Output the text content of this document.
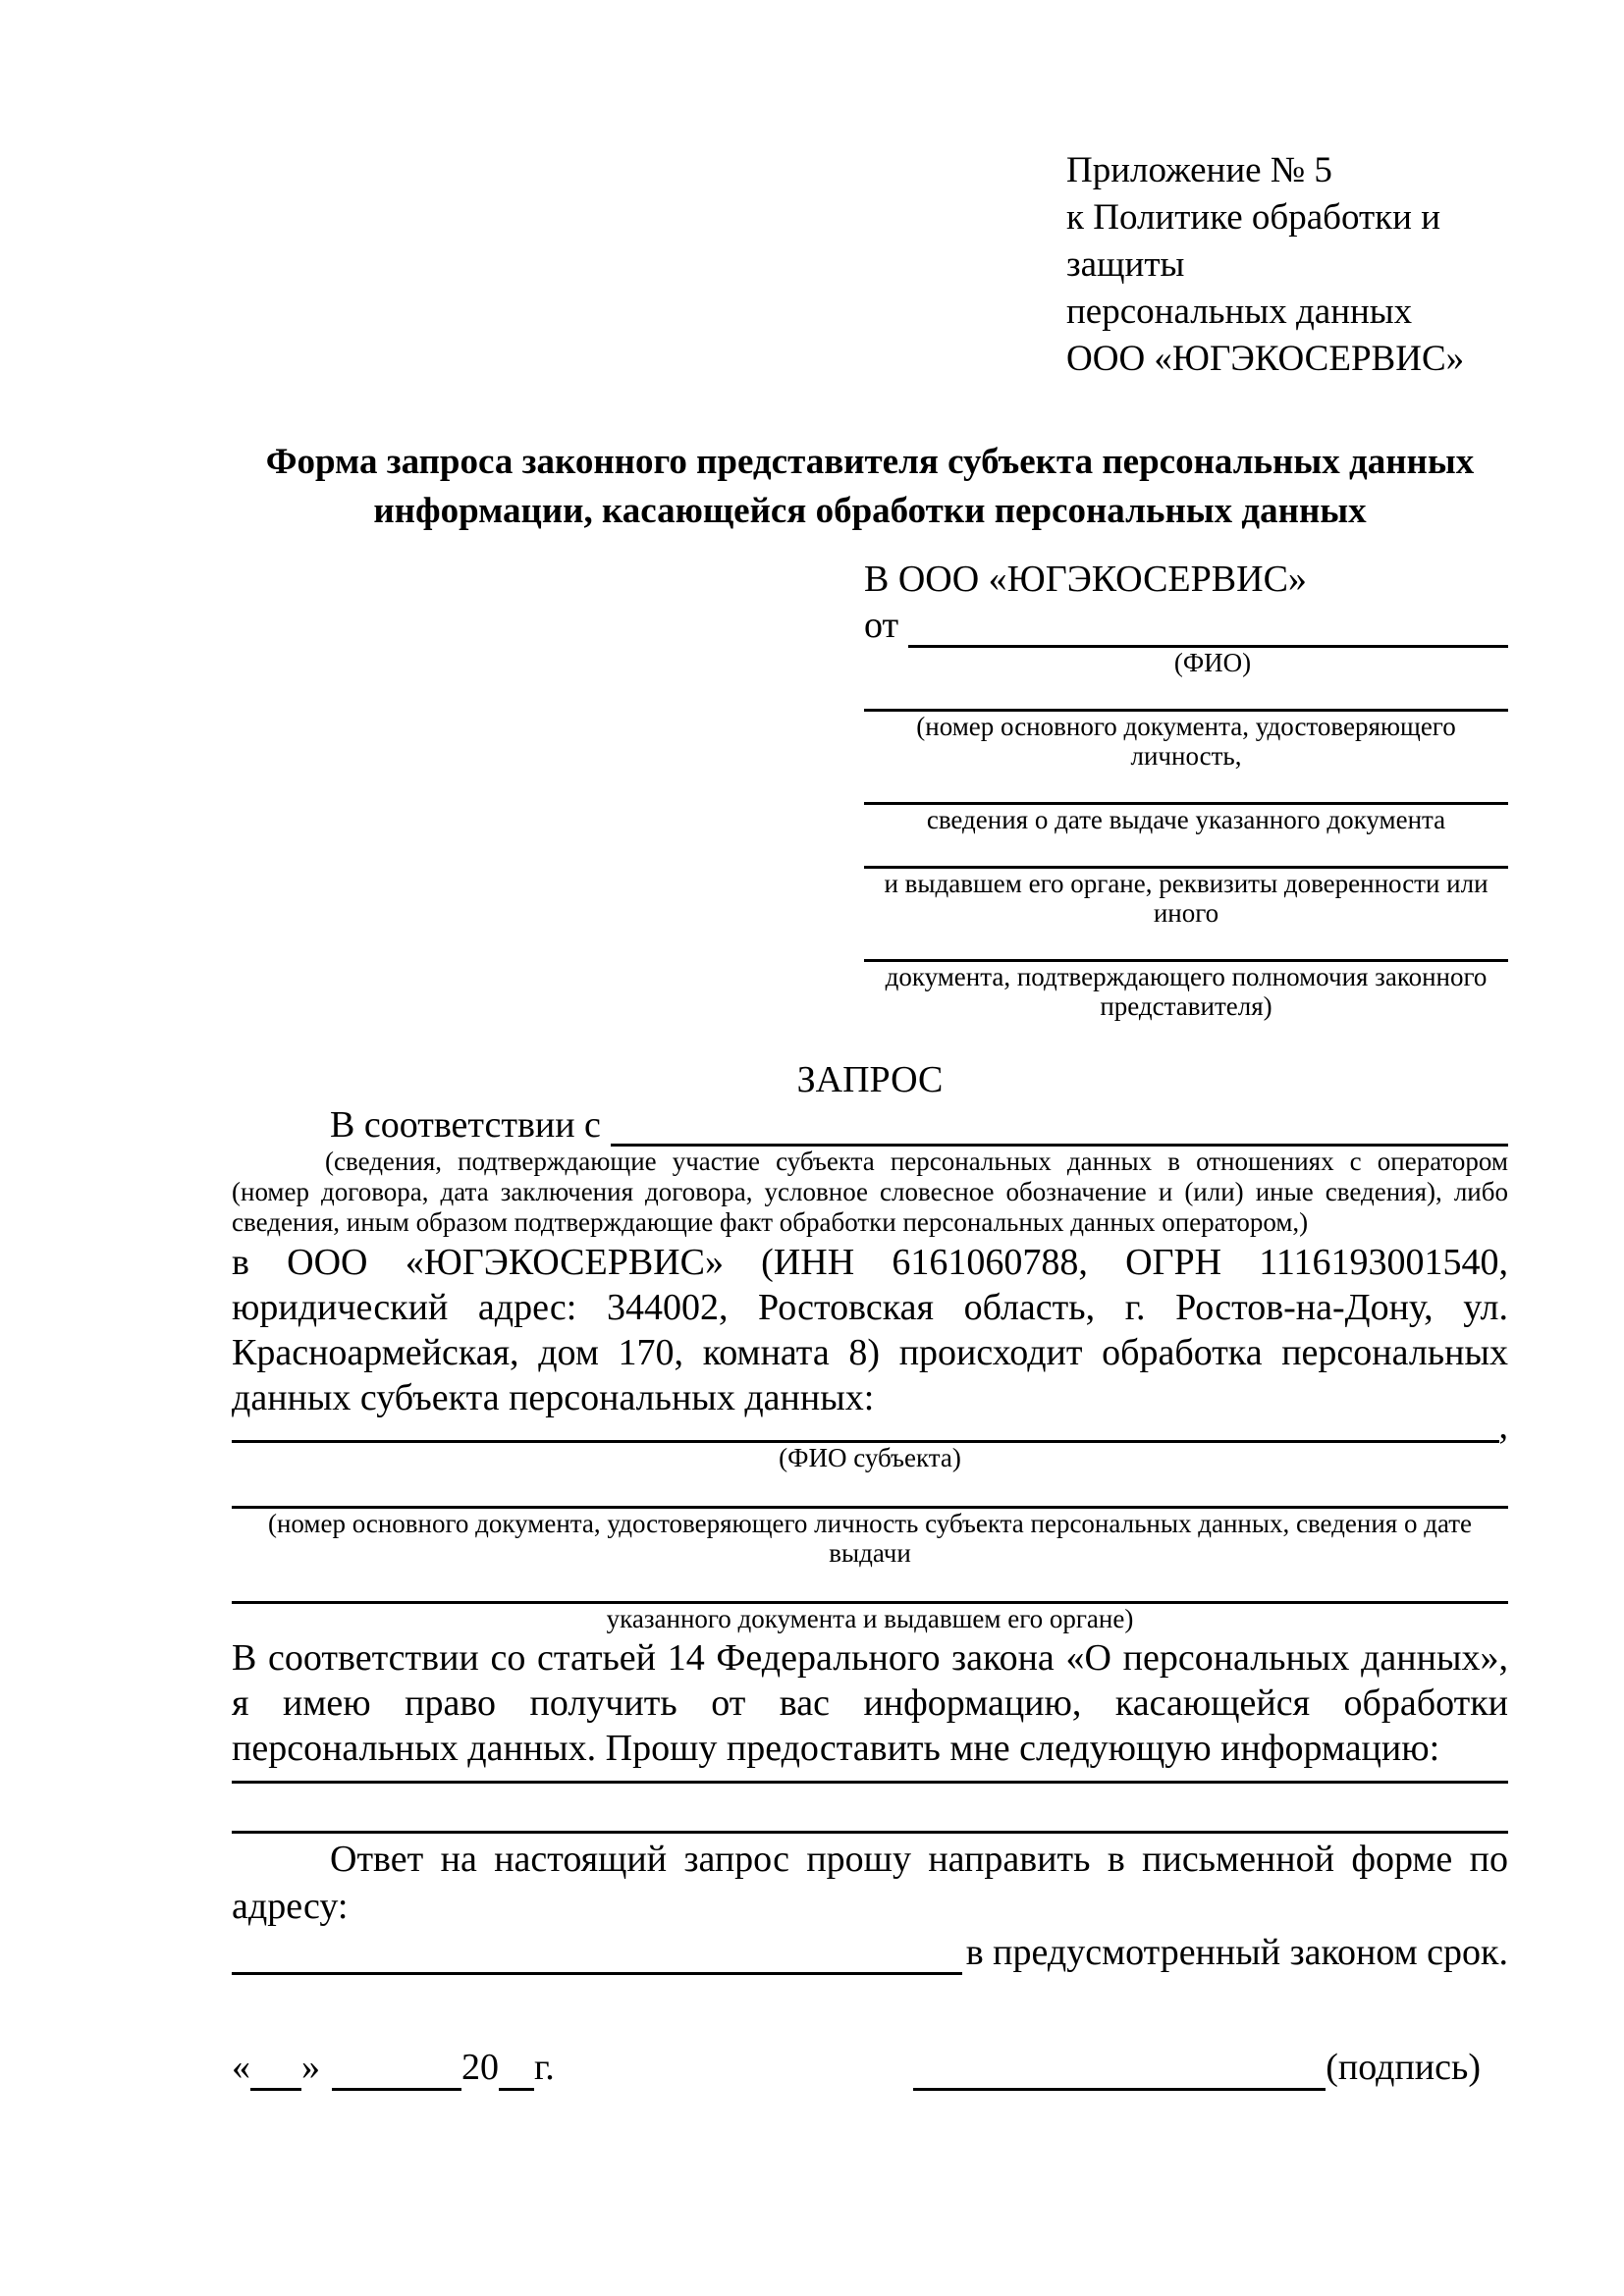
Приложение № 5
к Политике обработки и защиты
персональных данных
ООО «ЮГЭКОСЕРВИС»
Форма запроса законного представителя субъекта персональных данных
информации, касающейся обработки персональных данных
В ООО «ЮГЭКОСЕРВИС»
от
(ФИО)
(номер основного документа, удостоверяющего личность,
сведения о дате выдаче указанного документа
и выдавшем его органе, реквизиты доверенности или иного
документа, подтверждающего полномочия законного представителя)
ЗАПРОС
В соответствии с
(сведения, подтверждающие участие субъекта персональных данных в отношениях с оператором (номер договора, дата заключения договора, условное словесное обозначение и (или) иные сведения), либо сведения, иным образом подтверждающие факт обработки персональных данных оператором,)
в ООО «ЮГЭКОСЕРВИС» (ИНН 6161060788, ОГРН 1116193001540, юридический адрес: 344002, Ростовская область, г. Ростов-на-Дону, ул. Красноармейская, дом 170, комната 8) происходит обработка персональных данных субъекта персональных данных:
,
(ФИО субъекта)
(номер основного документа, удостоверяющего личность субъекта персональных данных, сведения о дате выдачи
указанного документа и выдавшем его органе)
В соответствии со статьей 14 Федерального закона «О персональных данных», я имею право получить от вас информацию, касающейся обработки персональных данных. Прошу предоставить мне следующую информацию:
Ответ на настоящий запрос прошу направить в письменной форме по адресу:
в предусмотренный законом срок.
« »	20 г.	(подпись)
